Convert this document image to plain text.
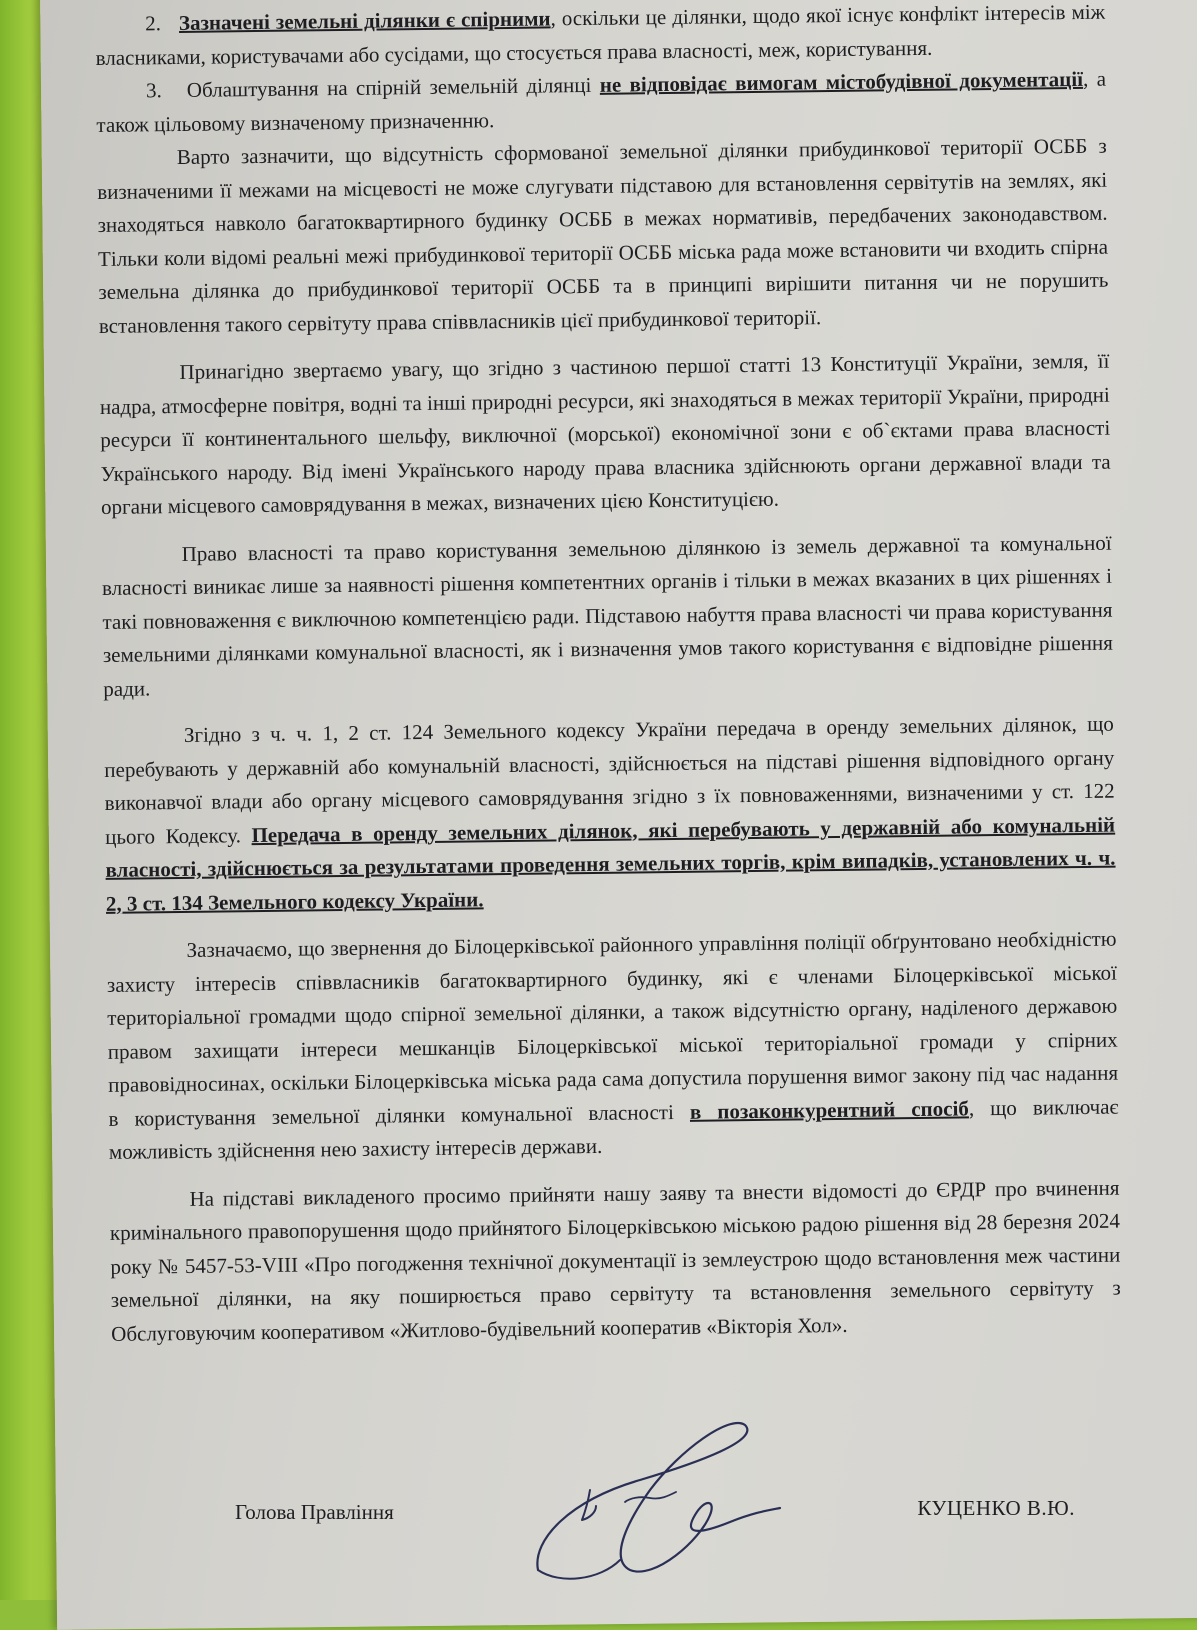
2. Зазначені земельні ділянки є спірними, оскільки це ділянки, щодо якої існує конфлікт інтересів між власниками, користувачами або сусідами, що стосується права власності, меж, користування.

3. Облаштування на спірній земельній ділянці не відповідає вимогам містобудівної документації, а також цільовому визначеному призначенню.

Варто зазначити, що відсутність сформованої земельної ділянки прибудинкової території ОСББ з визначеними її межами на місцевості не може слугувати підставою для встановлення сервітутів на землях, які знаходяться навколо багатоквартирного будинку ОСББ в межах нормативів, передбачених законодавством. Тільки коли відомі реальні межі прибудинкової території ОСББ міська рада може встановити чи входить спірна земельна ділянка до прибудинкової території ОСББ та в принципі вирішити питання чи не порушить встановлення такого сервітуту права співвласників цієї прибудинкової території.

Принагідно звертаємо увагу, що згідно з частиною першої статті 13 Конституції України, земля, її надра, атмосферне повітря, водні та інші природні ресурси, які знаходяться в межах території України, природні ресурси її континентального шельфу, виключної (морської) економічної зони є об`єктами права власності Українського народу. Від імені Українського народу права власника здійснюють органи державної влади та органи місцевого самоврядування в межах, визначених цією Конституцією.

Право власності та право користування земельною ділянкою із земель державної та комунальної власності виникає лише за наявності рішення компетентних органів і тільки в межах вказаних в цих рішеннях і такі повноваження є виключною компетенцією ради. Підставою набуття права власності чи права користування земельними ділянками комунальної власності, як і визначення умов такого користування є відповідне рішення ради.

Згідно з ч. ч. 1, 2 ст. 124 Земельного кодексу України передача в оренду земельних ділянок, що перебувають у державній або комунальній власності, здійснюється на підставі рішення відповідного органу виконавчої влади або органу місцевого самоврядування згідно з їх повноваженнями, визначеними у ст. 122 цього Кодексу. Передача в оренду земельних ділянок, які перебувають у державній або комунальній власності, здійснюється за результатами проведення земельних торгів, крім випадків, установлених ч. ч. 2, 3 ст. 134 Земельного кодексу України.

Зазначаємо, що звернення до Білоцерківської районного управління поліції обґрунтовано необхідністю захисту інтересів співвласників багатоквартирного будинку, які є членами Білоцерківської міської територіальної громадми щодо спірної земельної ділянки, а також відсутністю органу, наділеного державою правом захищати інтереси мешканців Білоцерківської міської територіальної громади у спірних правовідносинах, оскільки Білоцерківська міська рада сама допустила порушення вимог закону під час надання в користування земельної ділянки комунальної власності в позаконкурентний спосіб, що виключає можливість здійснення нею захисту інтересів держави.

На підставі викладеного просимо прийняти нашу заяву та внести відомості до ЄРДР про вчинення кримінального правопорушення щодо прийнятого Білоцерківською міською радою рішення від 28 березня 2024 року № 5457-53-VIII «Про погодження технічної документації із землеустрою щодо встановлення меж частини земельної ділянки, на яку поширюється право сервітуту та встановлення земельного сервітуту з Обслуговуючим кооперативом «Житлово-будівельний кооператив «Вікторія Хол».

Голова Правління	КУЦЕНКО В.Ю.
